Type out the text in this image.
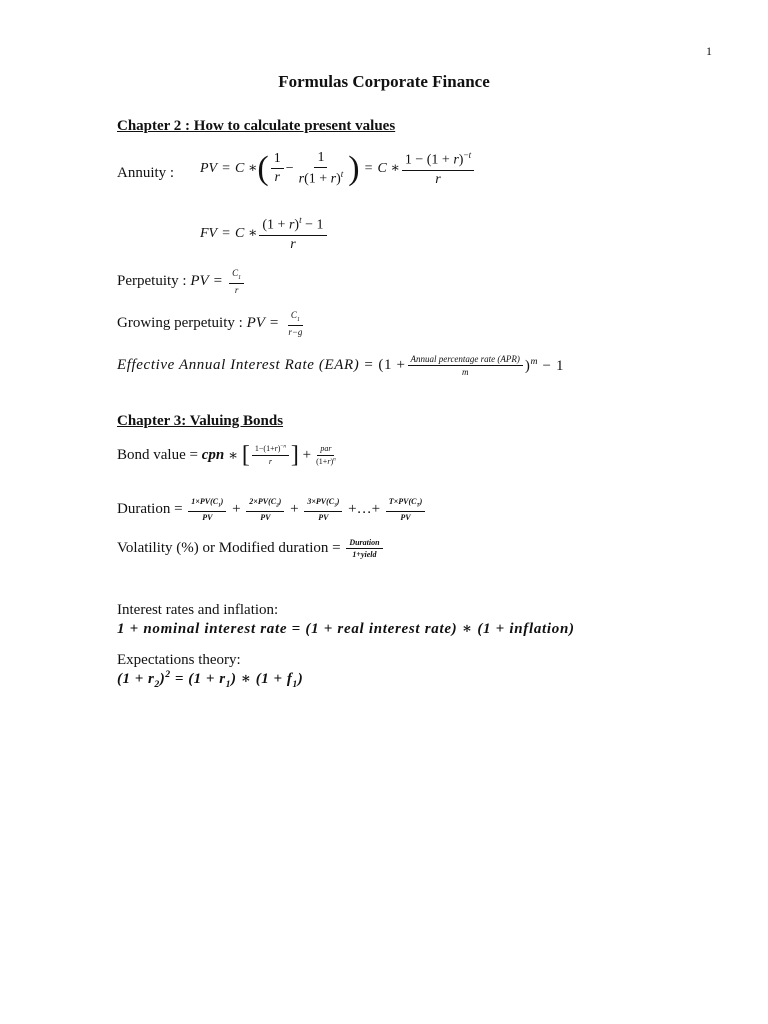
1
Formulas Corporate Finance
Chapter 2 : How to calculate present values
Annuity : PV = C ∗ ( $\frac{1}{r} - \frac{1}{r(1 + r)^t}$ ) = C ∗ $\frac{1 - (1 + r)^{-t}}{r}$
FV = C ∗ $\frac{(1 + r)^t - 1}{r}$
Perpetuity :
PV = $\frac{C_1}{r}$
Growing perpetuity :
PV = $\frac{C_1}{r-g}$
Effective Annual Interest Rate $(EAR) = (1 + \frac{\text{Annual percentage rate (APR)}}{m} )^m - 1$
Chapter 3: Valuing Bonds
Bond value =
cpn ∗ [ $\frac{1-(1+r)^{-n}}{r}$ ] + $\frac{\text{par}}{(1+r)^n}$
Duration =
$\frac{1\times PV(C_1)}{PV} + \frac{2\times PV(C_2)}{PV} + \frac{3\times PV(C_3)}{PV}$ +…+ $\frac{T\times PV(C_T)}{PV}$
Volatility (%) or Modified duration =
$\frac{\text{Duration}}{\text{1+yield}}$
Interest rates and inflation:
1 + nominal interest rate = (1 + real interest rate) ∗ (1 + inflation)
Expectations theory:
$(1 + r_2)^2 = (1 + r_1)$ ∗ $(1 + f_1)$
